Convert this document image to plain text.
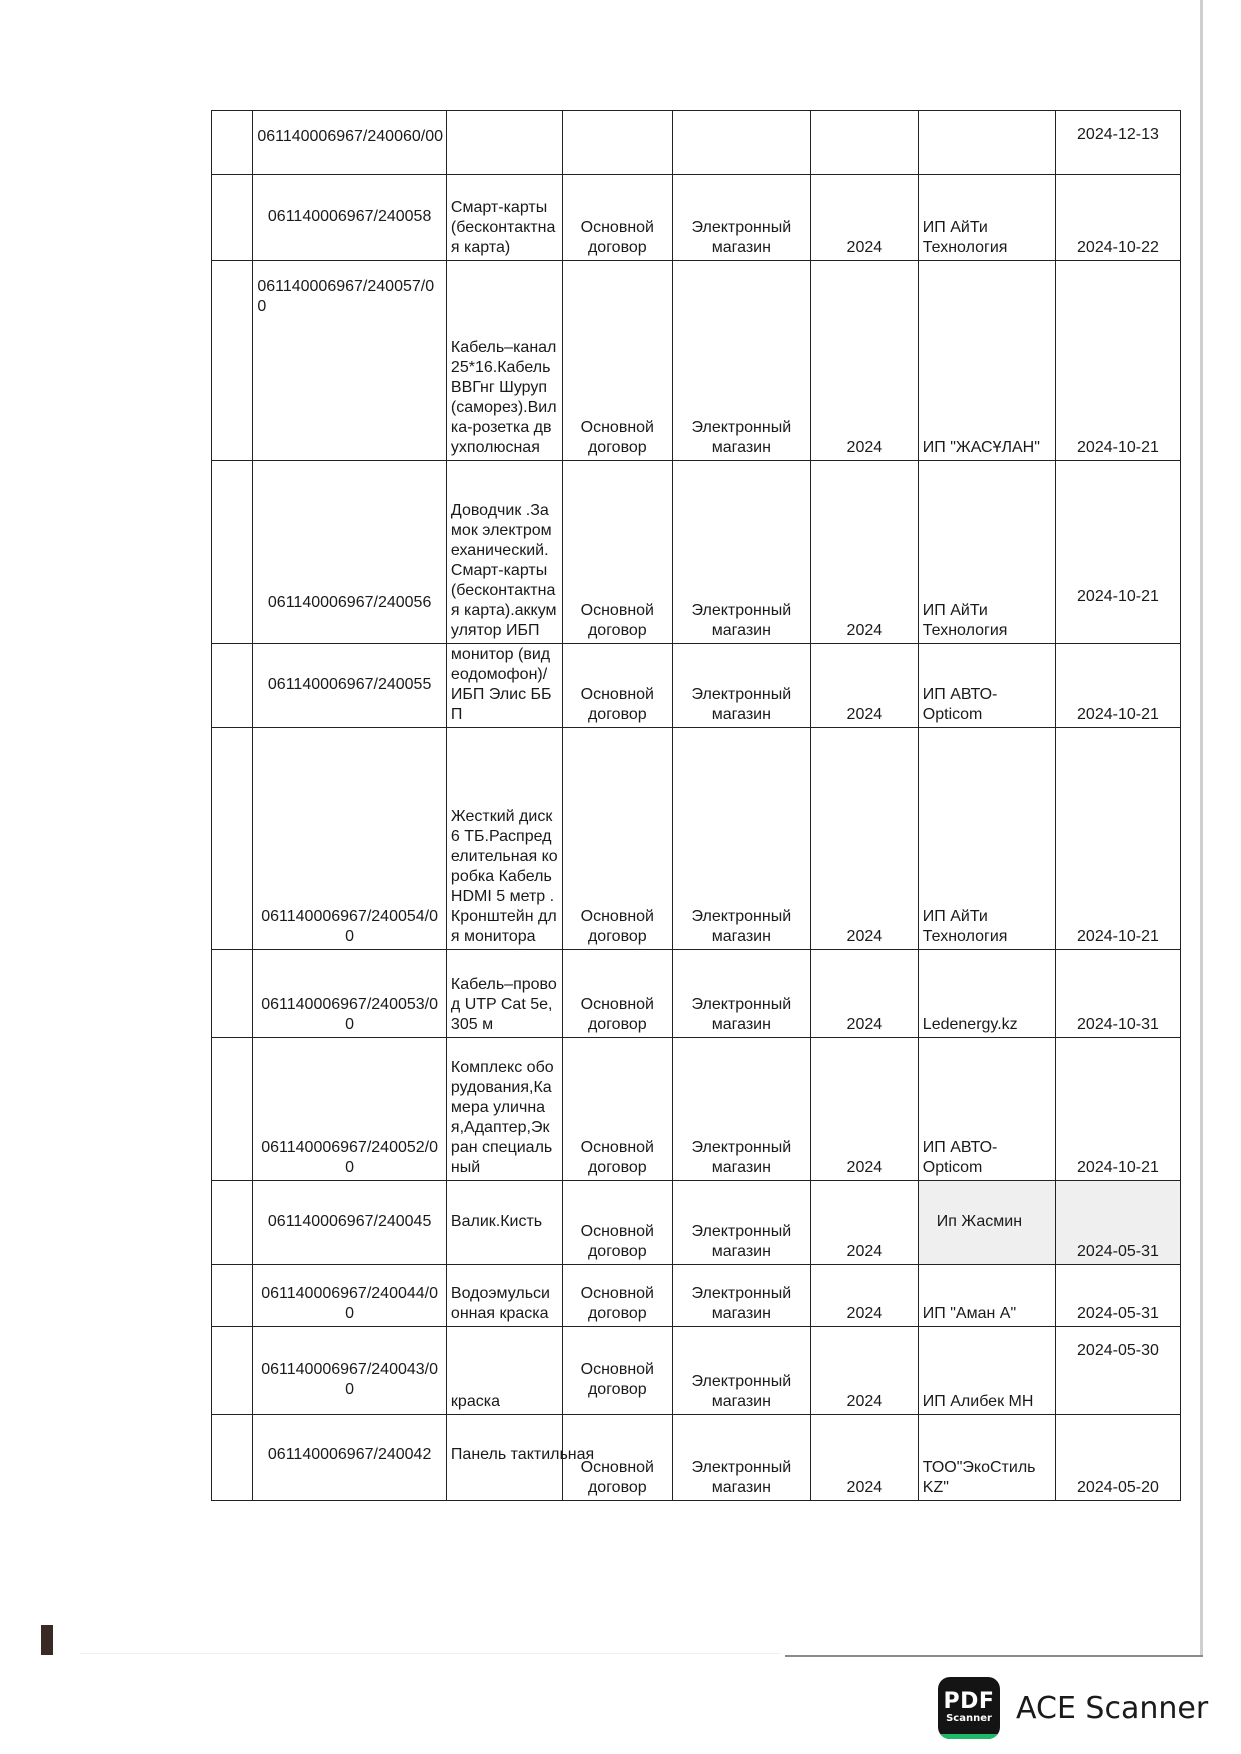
	061140006967/240060/00						2024-12-13
	061140006967/240058	Смарт-карты (бесконтактная карта)	Основной договор	Электронный магазин	2024	ИП АйТи Технология	2024-10-22
	061140006967/240057/00	Кабель–канал 25*16.Кабель ВВГнг Шуруп (саморез).Вилка-розетка двухполюсная	Основной договор	Электронный магазин	2024	ИП "ЖАСҰЛАН"	2024-10-21
	061140006967/240056	Доводчик .Замок электромеханический.Смарт-карты (бесконтактная карта).аккумулятор ИБП	Основной договор	Электронный магазин	2024	ИП АйТи Технология	2024-10-21
	061140006967/240055	монитор (видеодомофон)/ИБП Элис ББП	Основной договор	Электронный магазин	2024	ИП АВТО-Opticom	2024-10-21
	061140006967/240054/00	Жесткий диск 6 ТБ.Распределительная коробка Кабель HDMI 5 метр .Кронштейн для монитора	Основной договор	Электронный магазин	2024	ИП АйТи Технология	2024-10-21
	061140006967/240053/00	Кабель–провод UTP Cat 5e, 305 м	Основной договор	Электронный магазин	2024	Ledenergy.kz	2024-10-31
	061140006967/240052/00	Комплекс оборудования,Камера уличная,Адаптер,Экран специальный	Основной договор	Электронный магазин	2024	ИП АВТО-Opticom	2024-10-21
	061140006967/240045	Валик.Кисть	Основной договор	Электронный магазин	2024	Ип Жасмин	2024-05-31
	061140006967/240044/00	Водоэмульсионная краска	Основной договор	Электронный магазин	2024	ИП "Аман А"	2024-05-31
	061140006967/240043/00	краска	Основной договор	Электронный магазин	2024	ИП Алибек МН	2024-05-30
	061140006967/240042	Панель тактильная	Основной договор	Электронный магазин	2024	ТОО"ЭкоСтиль KZ"	2024-05-20
PDF
Scanner ACE Scanner
